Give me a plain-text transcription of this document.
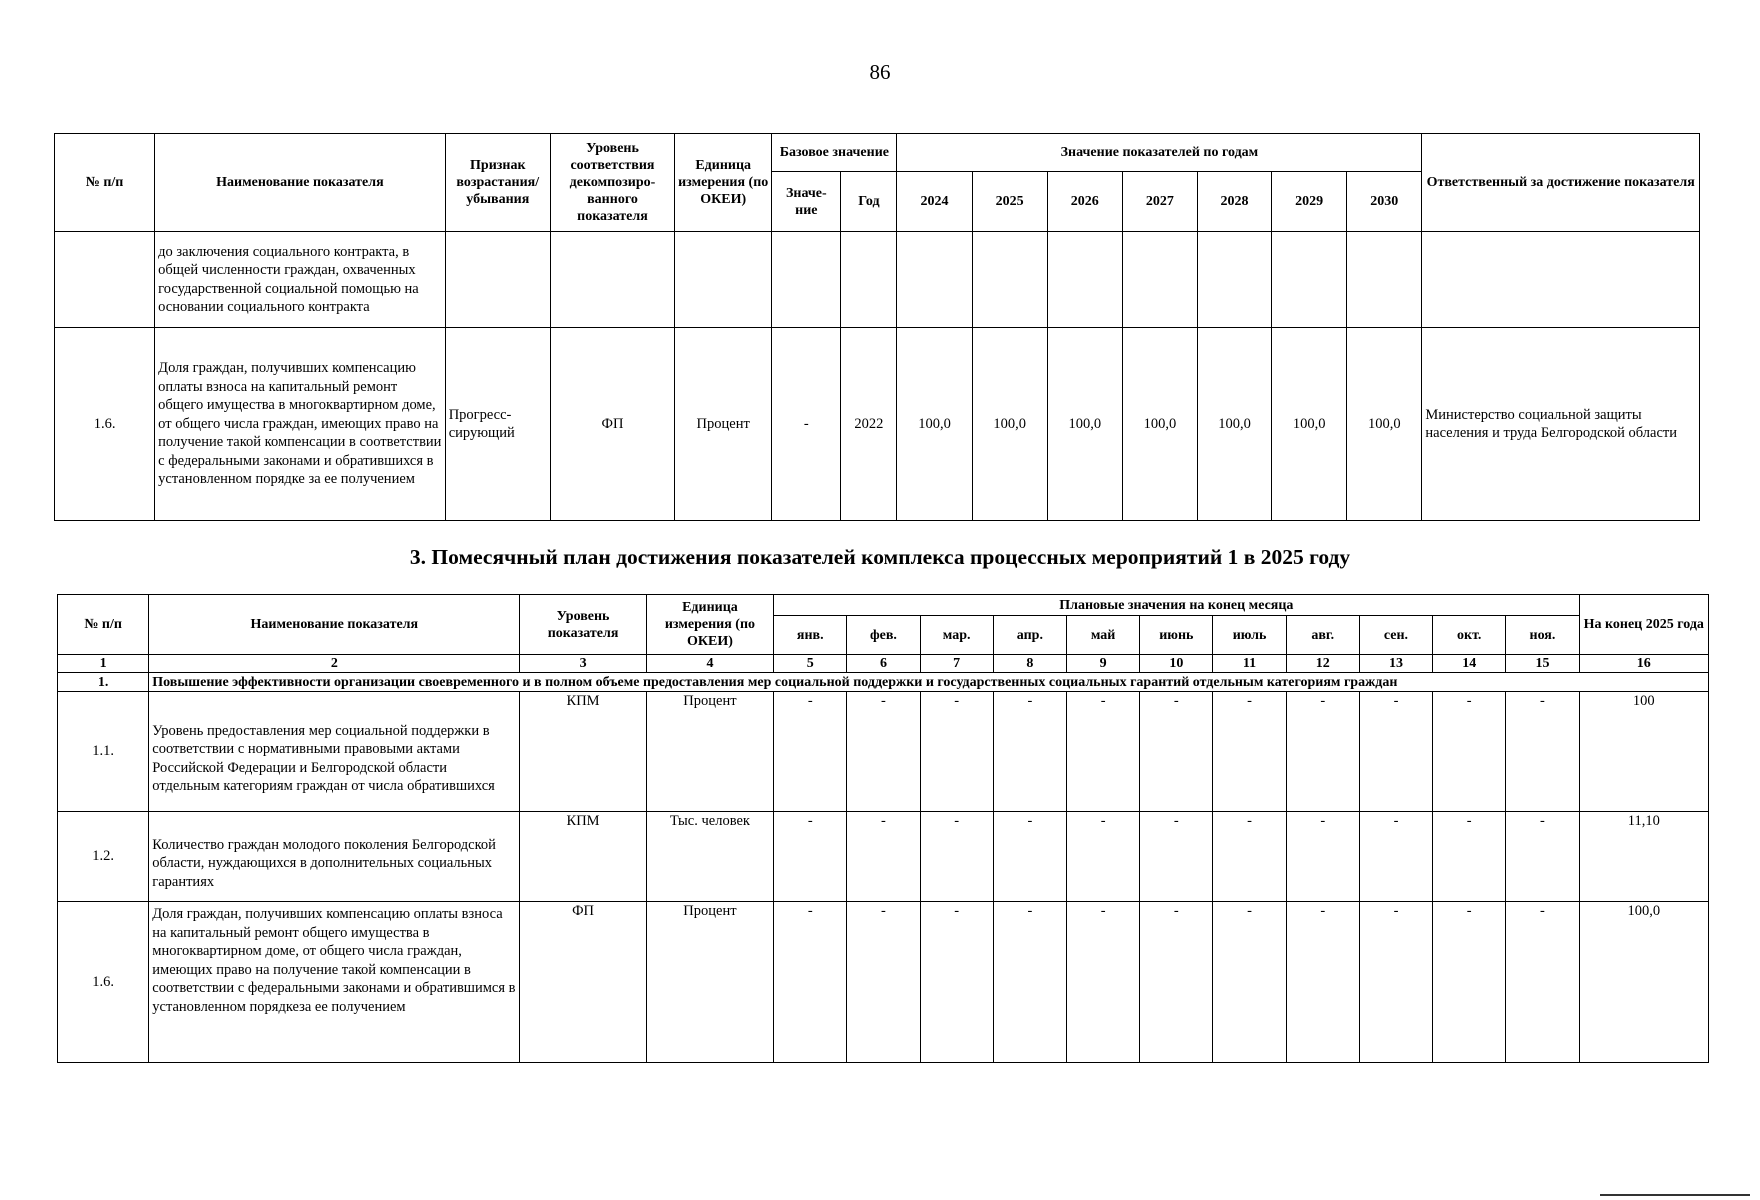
86
№ п/п	Наименование показателя	Признак возрастания/ убывания	Уровень соответствия декомпозиро-ванного показателя	Единица измерения (по ОКЕИ)	Базовое значение		Значение показателей по годам							Ответственный за достижение показателя
					Значе-ние	Год	2024	2025	2026	2027	2028	2029	2030	
	до заключения социального контракта, в общей численности граждан, охваченных государственной социальной помощью на основании социального контракта													
1.6.	Доля граждан, получивших компенсацию оплаты взноса на капитальный ремонт общего имущества в многоквартирном доме, от общего числа граждан, имеющих право на получение такой компенсации в соответствии с федеральными законами и обратившихся в установленном порядке за ее получением	Прогресс-сирующий	ФП	Процент	-	2022	100,0	100,0	100,0	100,0	100,0	100,0	100,0	Министерство социальной защиты населения и труда Белгородской области
3. Помесячный план достижения показателей комплекса процессных мероприятий 1 в 2025 году
№ п/п	Наименование показателя	Уровень показателя	Единица измерения (по ОКЕИ)	Плановые значения на конец месяца											На конец 2025 года
				янв.	фев.	мар.	апр.	май	июнь	июль	авг.	сен.	окт.	ноя.	
1	2	3	4	5	6	7	8	9	10	11	12	13	14	15	16
1.	Повышение эффективности организации своевременного и в полном объеме предоставления мер социальной поддержки и государственных социальных гарантий отдельным категориям граждан														
1.1.	Уровень предоставления мер социальной поддержки в соответствии с нормативными правовыми актами Российской Федерации и Белгородской области отдельным категориям граждан от числа обратившихся	КПМ	Процент	-	-	-	-	-	-	-	-	-	-	-	100
1.2.	Количество граждан молодого поколения Белгородской области, нуждающихся в дополнительных социальных гарантиях	КПМ	Тыс. человек	-	-	-	-	-	-	-	-	-	-	-	11,10
1.6.	Доля граждан, получивших компенсацию оплаты взноса на капитальный ремонт общего имущества в многоквартирном доме, от общего числа граждан, имеющих право на получение такой компенсации в соответствии с федеральными законами и обратившимся в установленном порядкеза ее получением	ФП	Процент	-	-	-	-	-	-	-	-	-	-	-	100,0
